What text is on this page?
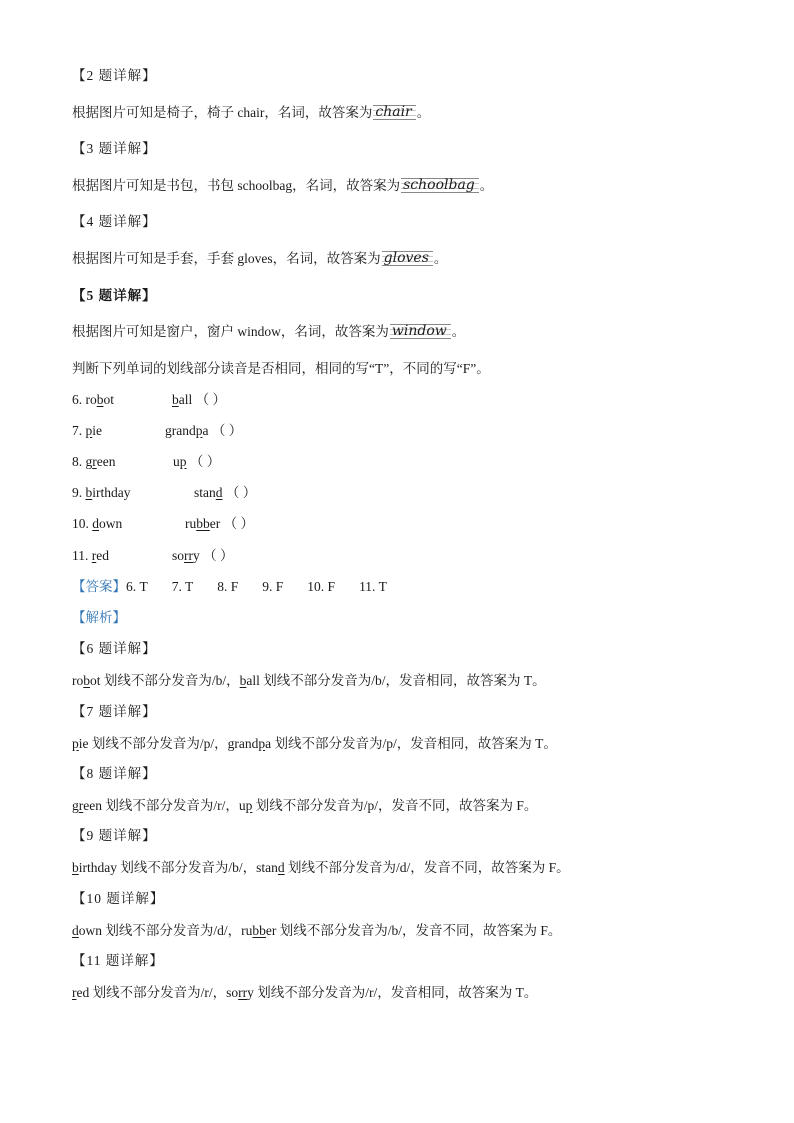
【2 题详解】
根据图片可知是椅子，椅子 chair，名词，故答案为 chair 。
【3 题详解】
根据图片可知是书包，书包 schoolbag，名词，故答案为 schoolbag 。
【4 题详解】
根据图片可知是手套，手套 gloves，名词，故答案为 gloves 。
【5 题详解】
根据图片可知是窗户，窗户 window，名词，故答案为 window 。
判断下列单词的划线部分读音是否相同，相同的写“T”，不同的写“F”。
6. robot	ball （ ）
7. pie	grandpa （ ）
8. green	up （ ）
9. birthday	stand （ ）
10. down	rubber （ ）
11. red	sorry （ ）
【答案】6. T 7. T 8. F 9. F 10. F 11. T
【解析】
【6 题详解】
robot 划线不部分发音为/b/，ball 划线不部分发音为/b/，发音相同，故答案为 T。
【7 题详解】
pie 划线不部分发音为/p/，grandpa 划线不部分发音为/p/，发音相同，故答案为 T。
【8 题详解】
green 划线不部分发音为/r/，up 划线不部分发音为/p/，发音不同，故答案为 F。
【9 题详解】
birthday 划线不部分发音为/b/，stand 划线不部分发音为/d/，发音不同，故答案为 F。
【10 题详解】
down 划线不部分发音为/d/，rubber 划线不部分发音为/b/，发音不同，故答案为 F。
【11 题详解】
red 划线不部分发音为/r/，sorry 划线不部分发音为/r/，发音相同，故答案为 T。
